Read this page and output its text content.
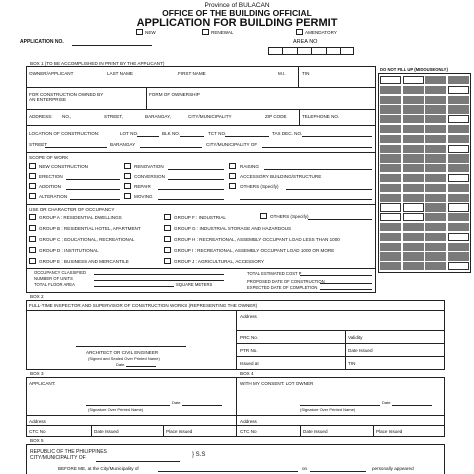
Province of BULACAN
OFFICE OF THE BUILDING OFFICIAL
APPLICATION FOR BUILDING PERMIT
NEW	RENEWAL	AMENDATORY
APPLICATION NO.	AREA NO
BOX 1 (TO BE ACCOMPLISHED IN PRINT BY THE APPLICANT)
DO NOT FILL UP (MIDOUSEONLY)
OWNER/APPLICANT	LAST NAME	FIRST NAME	M.I.	TIN
FOR CONSTRUCTION OWNED BY AN ENTERPRISE
FORM OF OWNERSHIP
ADDRESS: NO.,	STREET,	BARANGAY,	CITY/MUNICIPALITY	ZIP CODE	TELEPHONE NO.
LOCATION OF CONSTRUCTION:	LOT NO.	BLK NO.	TCT NO.	TAX DEC. NO.
STREET	BARANGAY	CITY/MUNICIPALITY OF
SCOPE OF WORK
NEW CONSTRUCTION
ERECTION
ADDITION
ALTERATION
RENOVATION
CONVERSION
REPAIR
MOVING
RAISING
ACCESSORY BUILDING/STRUCTURE
OTHERS (Specify)
USE OR CHARACTER OF OCCUPANCY
GROUP A : RESIDENTIAL DWELLINGS
GROUP B : RESIDENTIAL HOTEL, APARTMENT
GROUP C : EDUCATIONAL, RECREATIONAL
GROUP D : INSTITUTIONAL
GROUP E : BUSINESS AND MERCANTILE
GROUP F : INDUSTRIAL	OTHERS (Specify)
GROUP G : INDUSTRIAL STORAGE AND HAZARDOUS
GROUP H : RECREATIONAL, ASSEMBLY OCCUPANT LOAD LESS THAN 1000
GROUP I : RECREATIONAL, ASSEMBLY OCCUPANT LOAD 1000 OR MORE
GROUP J : AGRICULTURAL, ACCESSORY
OCCUPANCY CLASSIFIED
NUMBER OF UNITS
TOTAL FLOOR AREA	SQUARE METERS
TOTAL ESTIMATED COST P
PROPOSED DATE OF CONSTRUCTION
EXPECTED DATE OF COMPLETION
BOX 2
FULL-TIME INSPECTOR AND SUPERVISOR OF CONSTRUCTION WORKS (REPRESENTING THE OWNER)
Address
PRC No.	Validity
PTR No.	Date Issued
Issued at	TIN
ARCHITECT OR CIVIL ENGINEER
(Signed and Sealed Over Printed Name)
Date
BOX 3	BOX 4
APPLICANT:
Date
(Signature Over Printed Name)
Address
CTC No	Date Issued	Place Issued
WITH MY CONSENT: LOT OWNER
Date
(Signature Over Printed Name)
Address
CTC No	Date Issued	Place Issued
BOX 5
REPUBLIC OF THE PHILIPPINES
CITY/MUNICIPALITY OF	} S.S
BEFORE ME, at the City/Municipality of	on	personally appeared
